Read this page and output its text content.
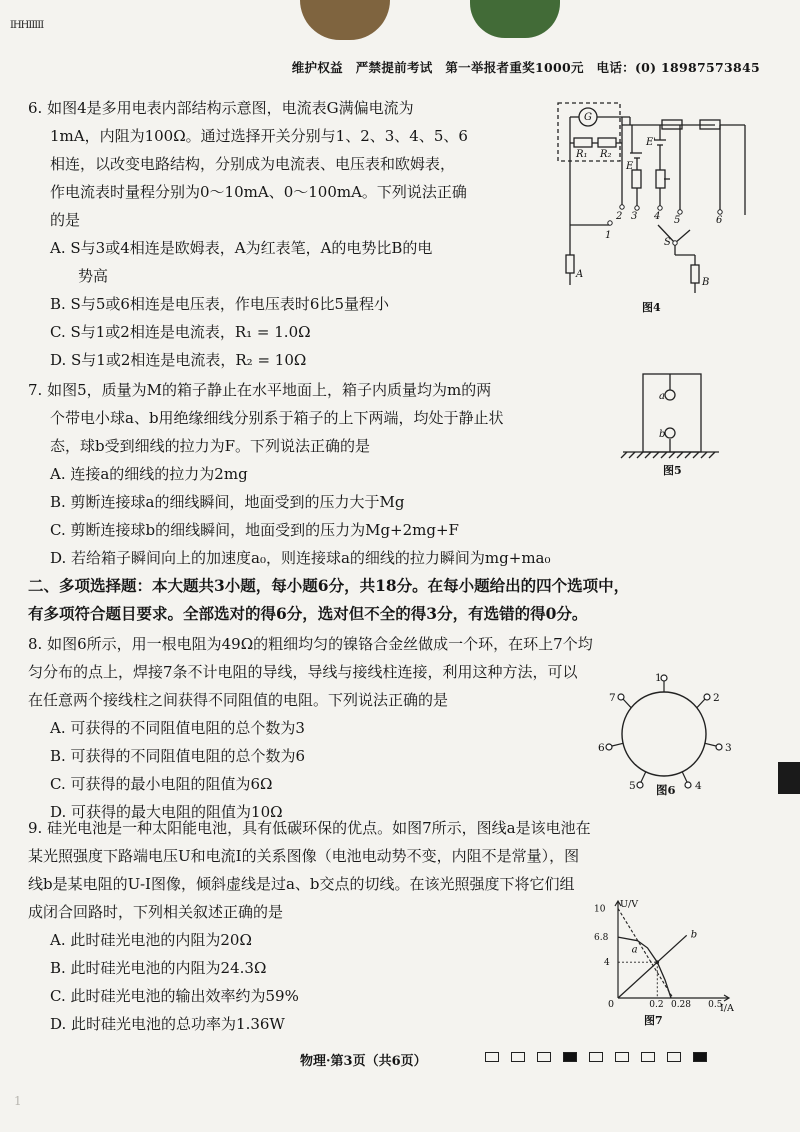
IHHIIIII
维护权益　严禁提前考试　第一举报者重奖1000元　电话：(0) 18987573845
6. 如图4是多用电表内部结构示意图，电流表G满偏电流为
1mA，内阻为100Ω。通过选择开关分别与1、2、3、4、5、6
相连，以改变电路结构，分别成为电流表、电压表和欧姆表，
作电流表时量程分别为0～10mA、0～100mA。下列说法正确
的是
A. S与3或4相连是欧姆表，A为红表笔，A的电势比B的电
势高
B. S与5或6相连是电压表，作电压表时6比5量程小
C. S与1或2相连是电流表，R₁ = 1.0Ω
D. S与1或2相连是电流表，R₂ = 10Ω
G
R₁ R₂
E
E'
1
2 3 4 5	6
S
A
B
图4
7. 如图5，质量为M的箱子静止在水平地面上，箱子内质量均为m的两
个带电小球a、b用绝缘细线分别系于箱子的上下两端，均处于静止状
态，球b受到细线的拉力为F。下列说法正确的是
A. 连接a的细线的拉力为2mg
B. 剪断连接球a的细线瞬间，地面受到的压力大于Mg
C. 剪断连接球b的细线瞬间，地面受到的压力为Mg+2mg+F
D. 若给箱子瞬间向上的加速度a₀，则连接球a的细线的拉力瞬间为mg+ma₀
a
b
图5
二、多项选择题：本大题共3小题，每小题6分，共18分。在每小题给出的四个选项中，
有多项符合题目要求。全部选对的得6分，选对但不全的得3分，有选错的得0分。
8. 如图6所示，用一根电阻为49Ω的粗细均匀的镍铬合金丝做成一个环，在环上7个均
匀分布的点上，焊接7条不计电阻的导线，导线与接线柱连接，利用这种方法，可以
在任意两个接线柱之间获得不同阻值的电阻。下列说法正确的是
A. 可获得的不同阻值电阻的总个数为3
B. 可获得的不同阻值电阻的总个数为6
C. 可获得的最小电阻的阻值为6Ω
D. 可获得的最大电阻的阻值为10Ω
1
2
3
4
5
6
7
图6
9. 硅光电池是一种太阳能电池，具有低碳环保的优点。如图7所示，图线a是该电池在
某光照强度下路端电压U和电流I的关系图像（电池电动势不变，内阻不是常量），图
线b是某电阻的U-I图像，倾斜虚线是过a、b交点的切线。在该光照强度下将它们组
成闭合回路时，下列相关叙述正确的是
A. 此时硅光电池的内阻为20Ω
B. 此时硅光电池的内阻为24.3Ω
C. 此时硅光电池的输出效率约为59%
D. 此时硅光电池的总功率为1.36W
a
b
U/V
I/A
0	0.2 0.28 0.5
10
6.8
4
图7
物理·第3页（共6页）
1
